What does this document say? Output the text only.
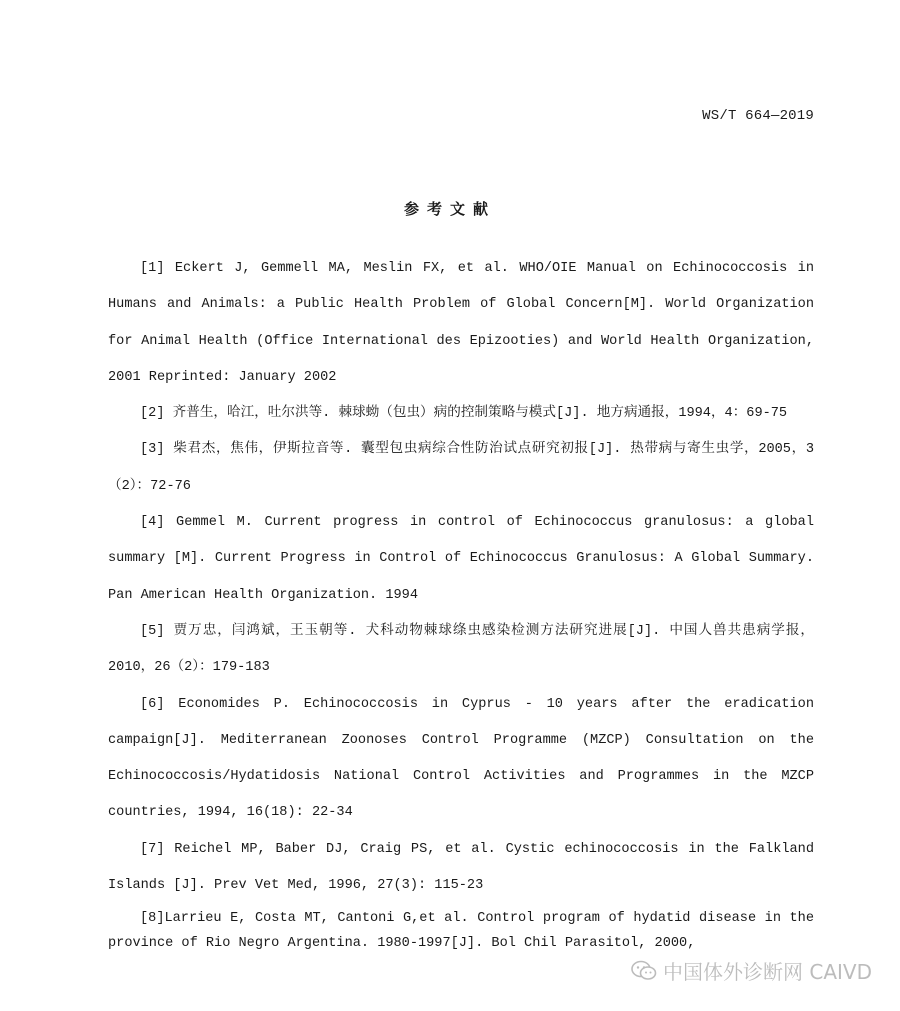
WS/T 664—2019
参考文献

[1] Eckert J, Gemmell MA, Meslin FX, et al. WHO/OIE Manual on Echinococcosis in Humans and Animals: a Public Health Problem of Global Concern[M]. World Organization for Animal Health (Office International des Epizooties) and World Health Organization, 2001 Reprinted: January 2002

[2] 齐普生，哈江，吐尔洪等. 棘球蚴（包虫）病的控制策略与模式[J]. 地方病通报，1994，4：69-75

[3] 柴君杰，焦伟，伊斯拉音等. 囊型包虫病综合性防治试点研究初报[J]. 热带病与寄生虫学，2005，3（2）：72-76

[4] Gemmel M. Current progress in control of Echinococcus granulosus: a global summary [M]. Current Progress in Control of Echinococcus Granulosus: A Global Summary. Pan American Health Organization. 1994

[5] 贾万忠，闫鸿斌，王玉朝等. 犬科动物棘球绦虫感染检测方法研究进展[J]. 中国人兽共患病学报，2010，26（2）：179-183

[6] Economides P. Echinococcosis in Cyprus - 10 years after the eradication campaign[J]. Mediterranean Zoonoses Control Programme (MZCP) Consultation on the Echinococcosis/Hydatidosis National Control Activities and Programmes in the MZCP countries, 1994, 16(18): 22-34

[7] Reichel MP, Baber DJ, Craig PS, et al. Cystic echinococcosis in the Falkland Islands [J]. Prev Vet Med, 1996, 27(3): 115-23

[8]Larrieu E, Costa MT, Cantoni G,et al. Control program of hydatid disease in the province of Rio Negro Argentina. 1980-1997[J]. Bol Chil Parasitol, 2000,

中国体外诊断网 CAIVD
